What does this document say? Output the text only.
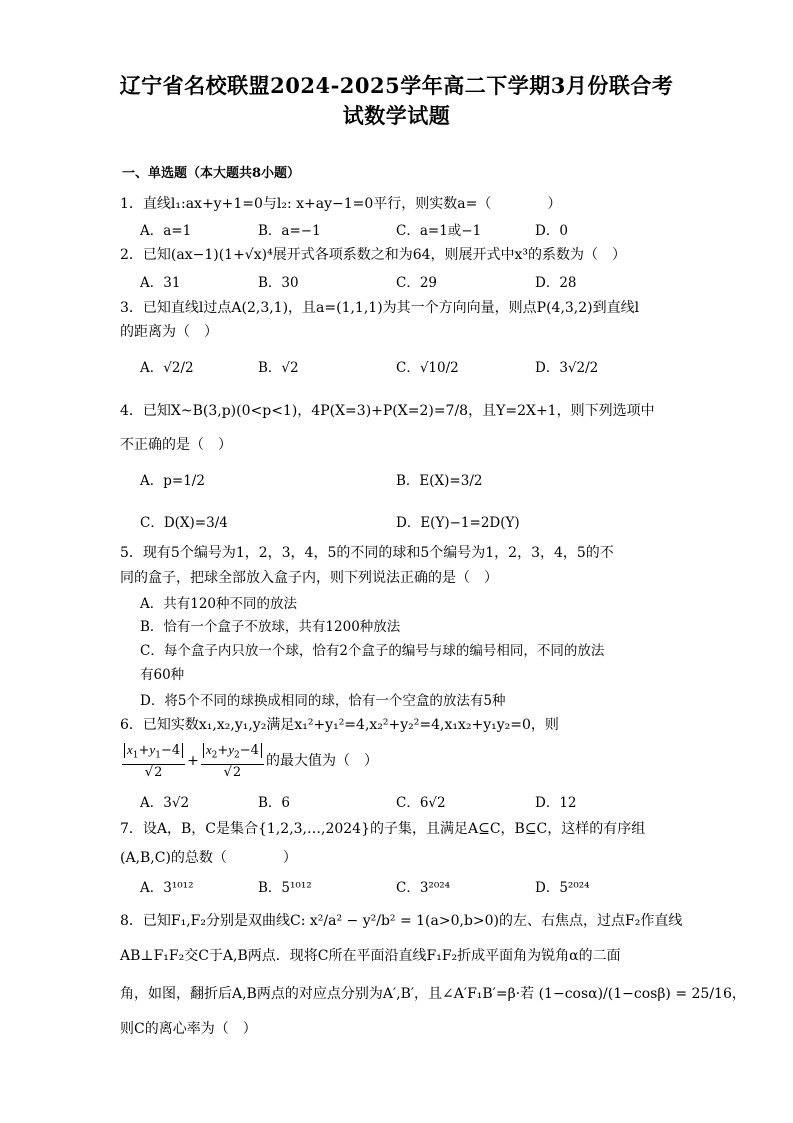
辽宁省名校联盟2024-2025学年高二下学期3月份联合考
试数学试题
一、单选题（本大题共8小题）
1．直线l₁:ax+y+1=0与l₂: x+ay−1=0平行，则实数a=（　　　　）
A．a=1	B．a=−1	C．a=1或−1	D．0
2．已知(ax−1)(1+√x)⁴展开式各项系数之和为64，则展开式中x³的系数为（　）
A．31	B．30	C．29	D．28
3．已知直线l过点A(2,3,1)，且a=(1,1,1)为其一个方向向量，则点P(4,3,2)到直线l
的距离为（　）
A．√2/2	B．√2	C．√10/2	D．3√2/2
4．已知X~B(3,p)(0<p<1)，4P(X=3)+P(X=2)=7/8，且Y=2X+1，则下列选项中
不正确的是（　）
A．p=1/2	B．E(X)=3/2
C．D(X)=3/4	D．E(Y)−1=2D(Y)
5．现有5个编号为1，2，3，4，5的不同的球和5个编号为1，2，3，4，5的不
同的盒子，把球全部放入盒子内，则下列说法正确的是（　）
A．共有120种不同的放法
B．恰有一个盒子不放球，共有1200种放法
C．每个盒子内只放一个球，恰有2个盒子的编号与球的编号相同，不同的放法
有60种
D．将5个不同的球换成相同的球，恰有一个空盒的放法有5种
6．已知实数x₁,x₂,y₁,y₂满足x₁²+y₁²=4,x₂²+y₂²=4,x₁x₂+y₁y₂=0，则
$\frac{x_1+y_1-4}{√2} + \frac{x_2+y_2-4}{√2}$ 的最大值为（　）
A．3√2	B．6	C．6√2	D．12
7．设A，B，C是集合{1,2,3,…,2024}的子集，且满足A⊆C，B⊆C，这样的有序组
(A,B,C)的总数（　　　　）
A．3¹⁰¹²	B．5¹⁰¹²	C．3²⁰²⁴	D．5²⁰²⁴
8．已知F₁,F₂分别是双曲线C: x²/a² − y²/b² = 1(a>0,b>0)的左、右焦点，过点F₂作直线
AB⊥F₁F₂交C于A,B两点．现将C所在平面沿直线F₁F₂折成平面角为锐角α的二面
角，如图，翻折后A,B两点的对应点分别为A′,B′，且∠A′F₁B′=β·若 (1−cosα)/(1−cosβ) = 25/16，
则C的离心率为（　）
